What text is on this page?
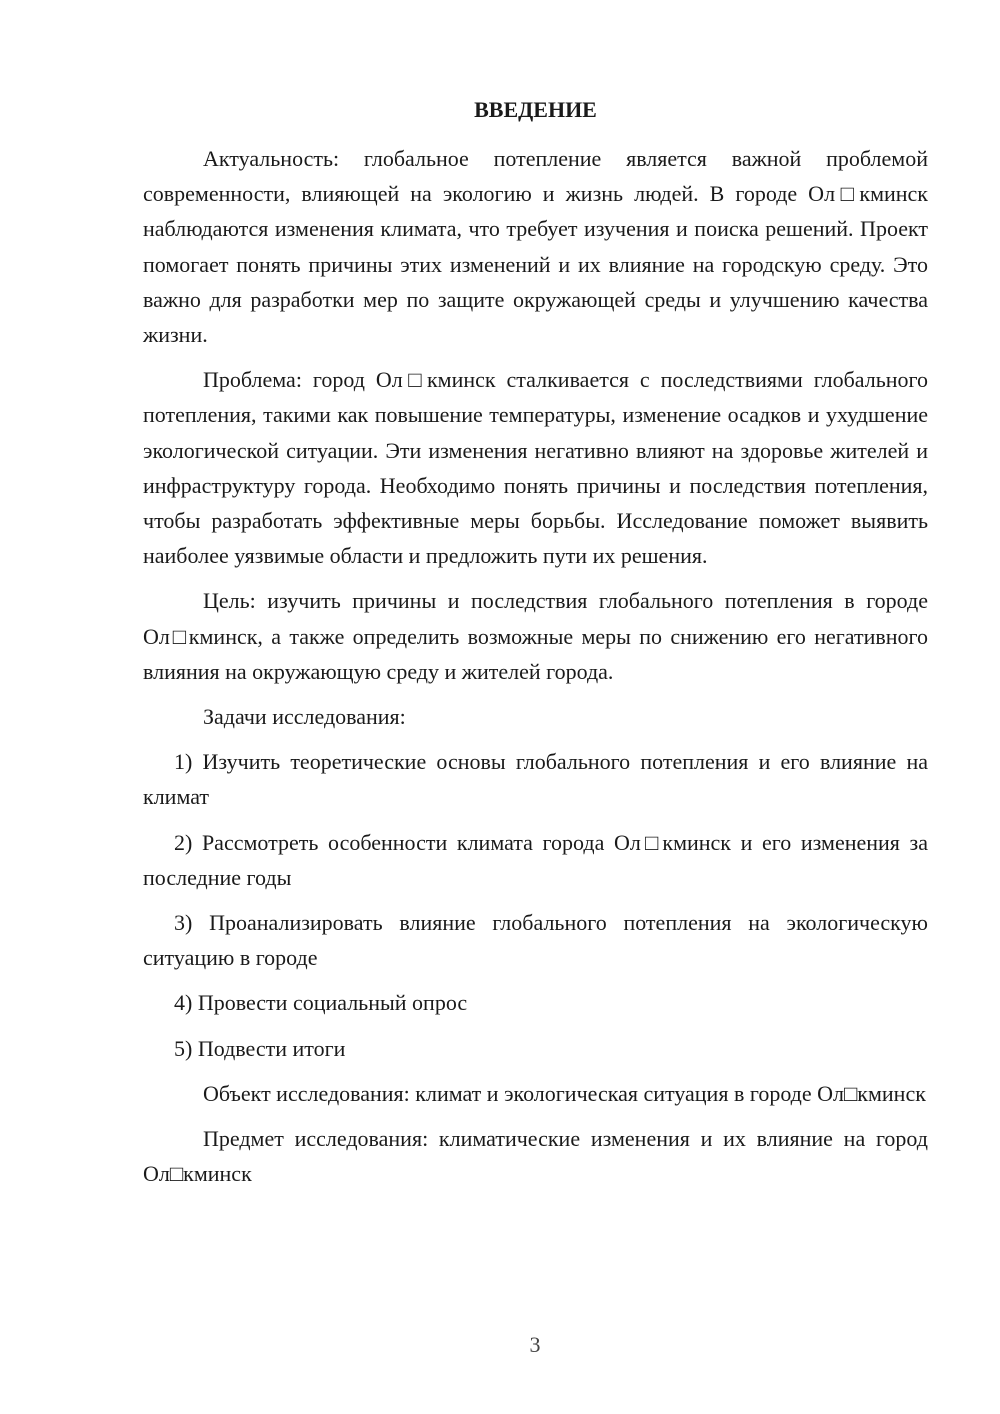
ВВЕДЕНИЕ

Актуальность: глобальное потепление является важной проблемой современности, влияющей на экологию и жизнь людей. В городе Ол□кминск наблюдаются изменения климата, что требует изучения и поиска решений. Проект помогает понять причины этих изменений и их влияние на городскую среду. Это важно для разработки мер по защите окружающей среды и улучшению качества жизни.

Проблема: город Ол□кминск сталкивается с последствиями глобального потепления, такими как повышение температуры, изменение осадков и ухудшение экологической ситуации. Эти изменения негативно влияют на здоровье жителей и инфраструктуру города. Необходимо понять причины и последствия потепления, чтобы разработать эффективные меры борьбы. Исследование поможет выявить наиболее уязвимые области и предложить пути их решения.

Цель: изучить причины и последствия глобального потепления в городе Ол□кминск, а также определить возможные меры по снижению его негативного влияния на окружающую среду и жителей города.

Задачи исследования:

1) Изучить теоретические основы глобального потепления и его влияние на климат

2) Рассмотреть особенности климата города Ол□кминск и его изменения за последние годы

3) Проанализировать влияние глобального потепления на экологическую ситуацию в городе

4) Провести социальный опрос

5) Подвести итоги

Объект исследования: климат и экологическая ситуация в городе Ол□кминск

Предмет исследования: климатические изменения и их влияние на город Ол□кминск

3
